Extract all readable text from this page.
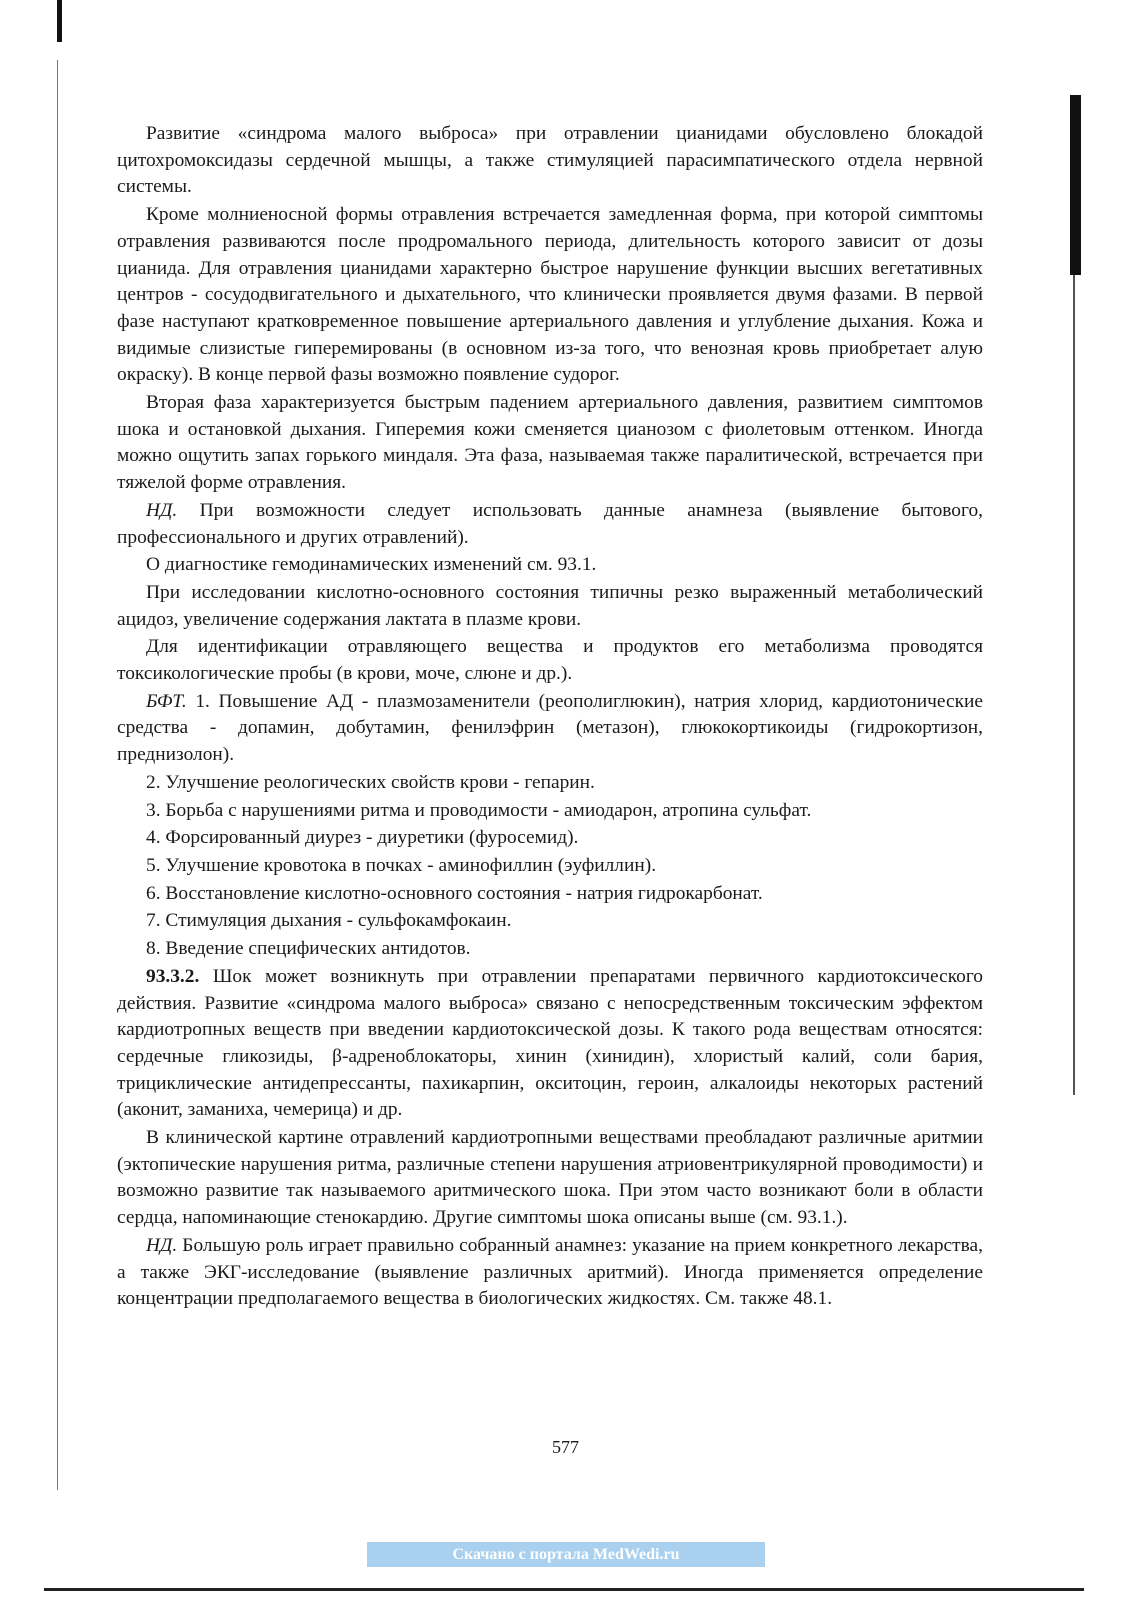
Развитие «синдрома малого выброса» при отравлении цианидами обусловлено блокадой цитохромоксидазы сердечной мышцы, а также стимуляцией парасимпатического отдела нервной системы.

Кроме молниеносной формы отравления встречается замедленная форма, при которой симптомы отравления развиваются после продромального периода, длительность которого зависит от дозы цианида. Для отравления цианидами характерно быстрое нарушение функции высших вегетативных центров - сосудодвигательного и дыхательного, что клинически проявляется двумя фазами. В первой фазе наступают кратковременное повышение артериального давления и углубление дыхания. Кожа и видимые слизистые гиперемированы (в основном из-за того, что венозная кровь приобретает алую окраску). В конце первой фазы возможно появление судорог.

Вторая фаза характеризуется быстрым падением артериального давления, развитием симптомов шока и остановкой дыхания. Гиперемия кожи сменяется цианозом с фиолетовым оттенком. Иногда можно ощутить запах горького миндаля. Эта фаза, называемая также паралитической, встречается при тяжелой форме отравления.

НД. При возможности следует использовать данные анамнеза (выявление бытового, профессионального и других отравлений).

О диагностике гемодинамических изменений см. 93.1.

При исследовании кислотно-основного состояния типичны резко выраженный метаболический ацидоз, увеличение содержания лактата в плазме крови.

Для идентификации отравляющего вещества и продуктов его метаболизма проводятся токсикологические пробы (в крови, моче, слюне и др.).

БФТ. 1. Повышение АД - плазмозаменители (реополиглюкин), натрия хлорид, кардиотонические средства - допамин, добутамин, фенилэфрин (метазон), глюкокортикоиды (гидрокортизон, преднизолон).

2. Улучшение реологических свойств крови - гепарин.

3. Борьба с нарушениями ритма и проводимости - амиодарон, атропина сульфат.

4. Форсированный диурез - диуретики (фуросемид).

5. Улучшение кровотока в почках - аминофиллин (эуфиллин).

6. Восстановление кислотно-основного состояния - натрия гидрокарбонат.

7. Стимуляция дыхания - сульфокамфокаин.

8. Введение специфических антидотов.

93.3.2. Шок может возникнуть при отравлении препаратами первичного кардиотоксического действия. Развитие «синдрома малого выброса» связано с непосредственным токсическим эффектом кардиотропных веществ при введении кардиотоксической дозы. К такого рода веществам относятся: сердечные гликозиды, β-адреноблокаторы, хинин (хинидин), хлористый калий, соли бария, трициклические антидепрессанты, пахикарпин, окситоцин, героин, алкалоиды некоторых растений (аконит, заманиха, чемерица) и др.

В клинической картине отравлений кардиотропными веществами преобладают различные аритмии (эктопические нарушения ритма, различные степени нарушения атриовентрикулярной проводимости) и возможно развитие так называемого аритмического шока. При этом часто возникают боли в области сердца, напоминающие стенокардию. Другие симптомы шока описаны выше (см. 93.1.).

НД. Большую роль играет правильно собранный анамнез: указание на прием конкретного лекарства, а также ЭКГ-исследование (выявление различных аритмий). Иногда применяется определение концентрации предполагаемого вещества в биологических жидкостях. См. также 48.1.

577
Скачано с портала MedWedi.ru
